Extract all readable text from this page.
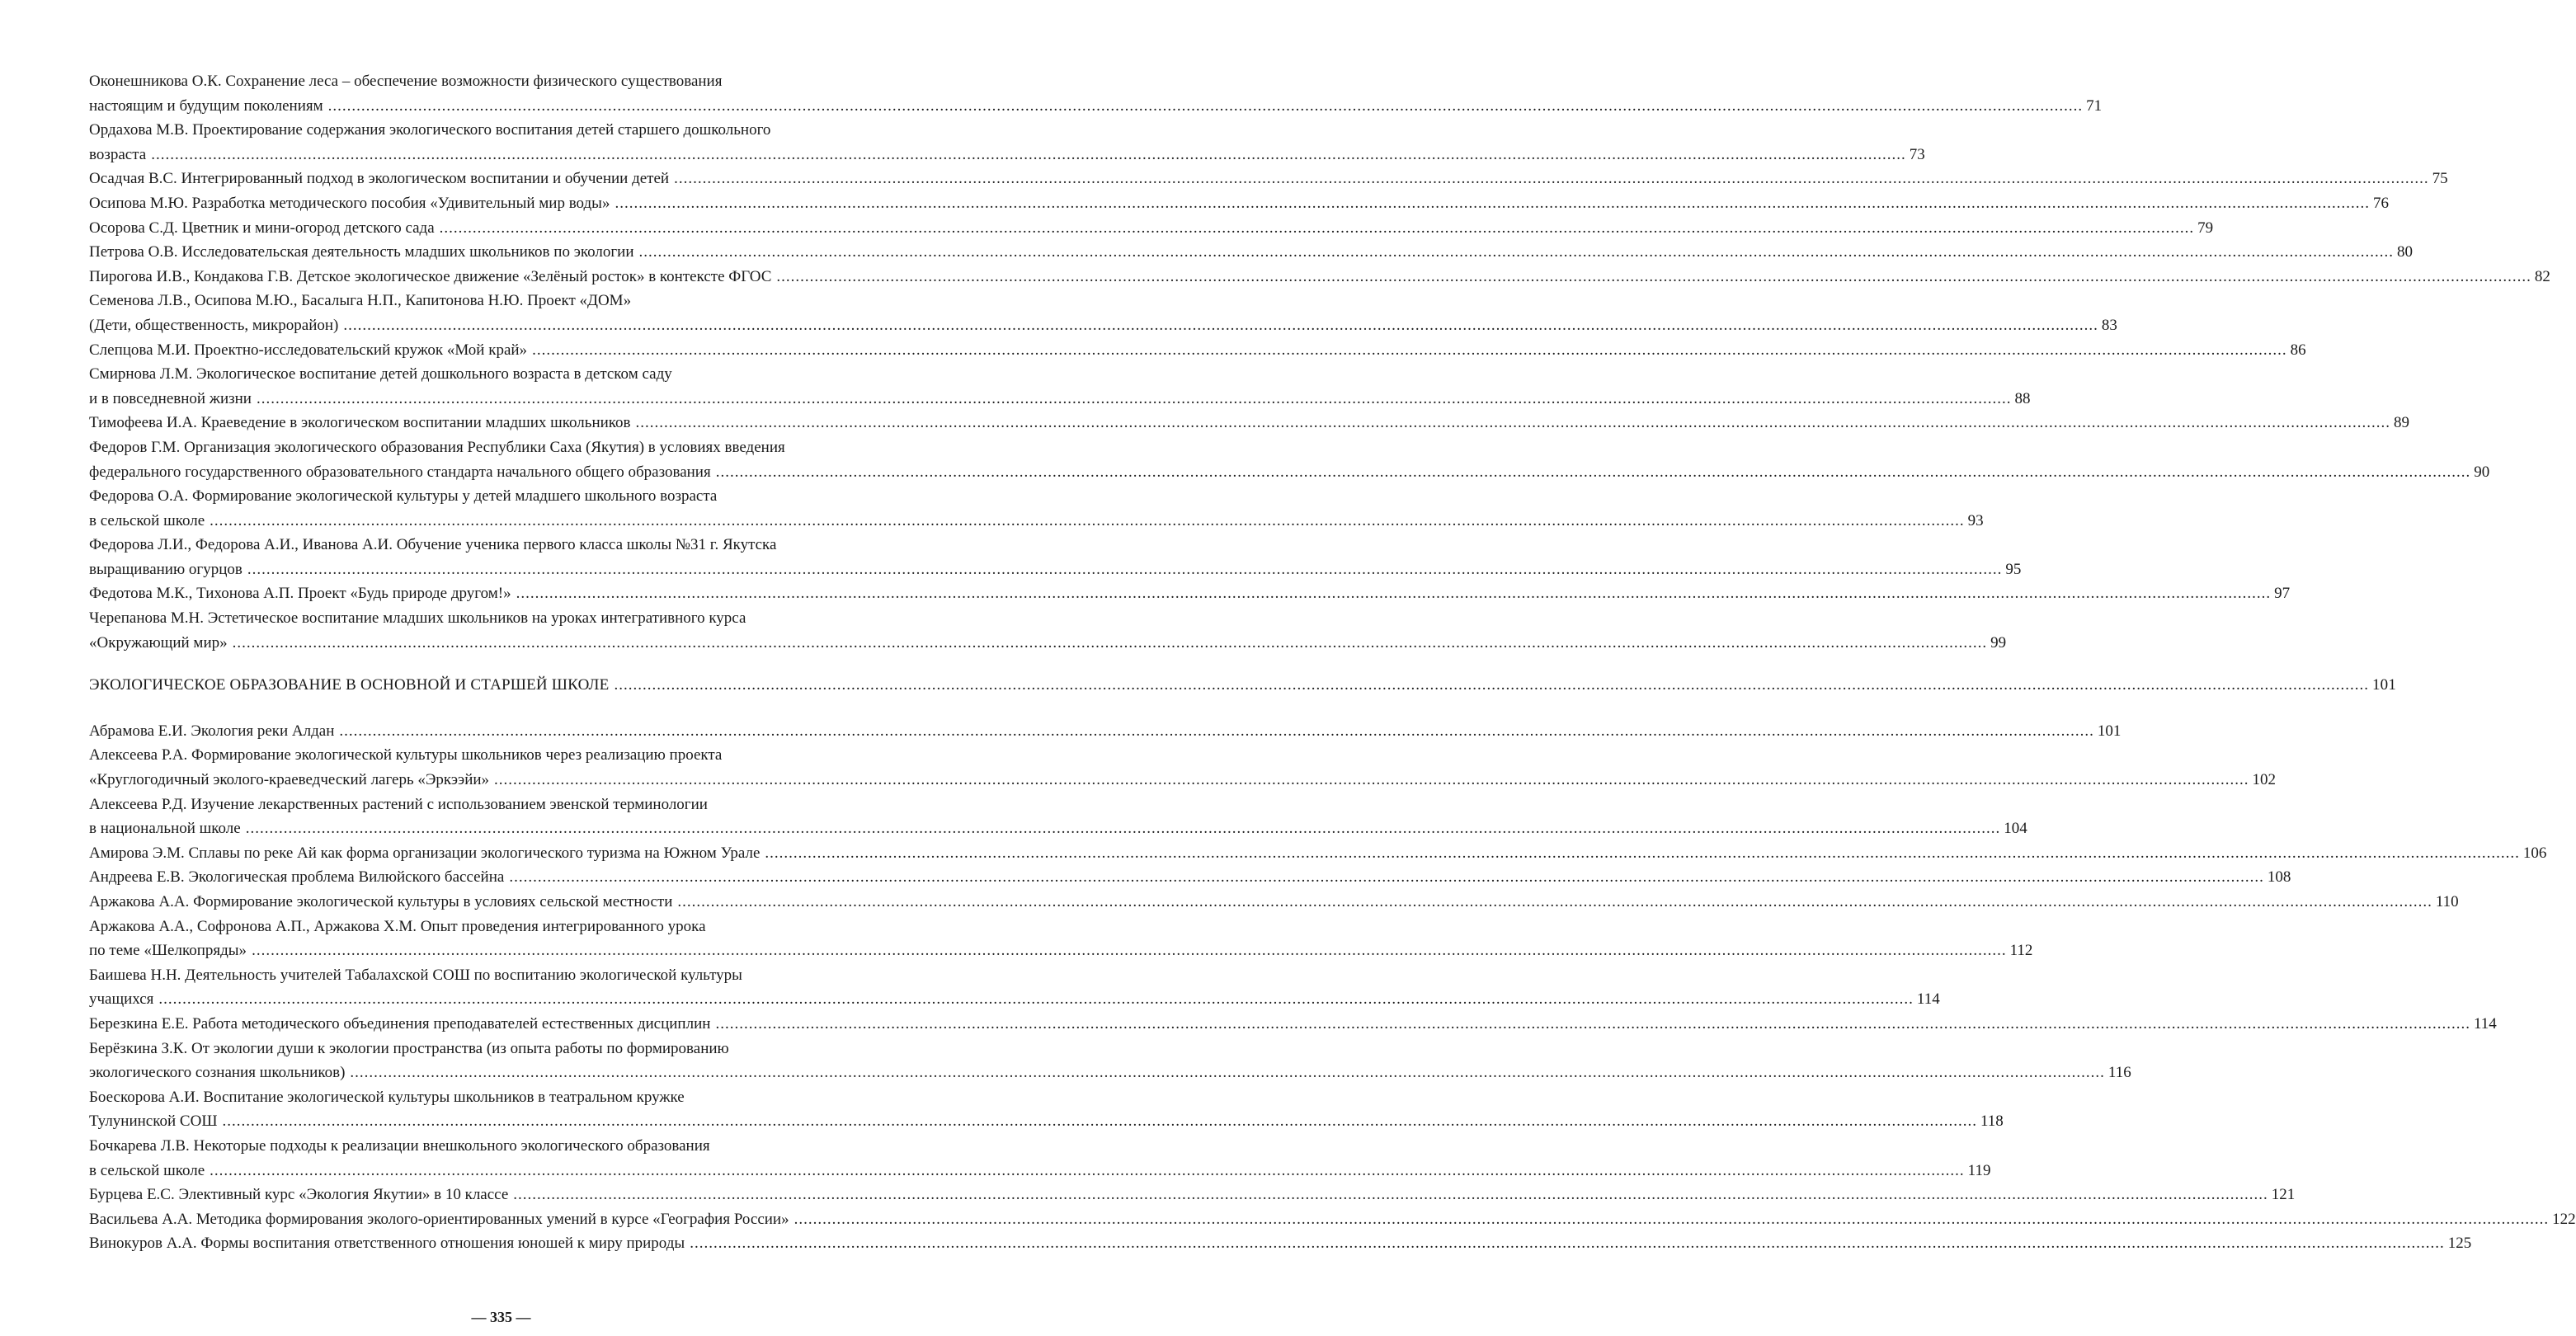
Оконешникова О.К. Сохранение леса – обеспечение возможности физического существования
настоящим и будущим поколениям .....	71
Ордахова М.В. Проектирование содержания экологического воспитания детей старшего дошкольного
возраста .....	73
Осадчая В.С. Интегрированный подход в экологическом воспитании и обучении детей .....	75
Осипова М.Ю. Разработка методического пособия «Удивительный мир воды» .....	76
Осорова С.Д. Цветник и мини-огород детского сада .....	79
Петрова О.В. Исследовательская деятельность младших школьников по экологии .....	80
Пирогова И.В., Кондакова Г.В. Детское экологическое движение «Зелёный росток» в контексте ФГОС .....	82
Семенова Л.В., Осипова М.Ю., Басалыга Н.П., Капитонова Н.Ю. Проект «ДОМ»
(Дети, общественность, микрорайон) .....	83
Слепцова М.И. Проектно-исследовательский кружок «Мой край» .....	86
Смирнова Л.М. Экологическое воспитание детей дошкольного возраста в детском саду
и в повседневной жизни .....	88
Тимофеева И.А. Краеведение в экологическом воспитании младших школьников .....	89
Федоров Г.М. Организация экологического образования Республики Саха (Якутия) в условиях введения
федерального государственного образовательного стандарта начального общего образования .....	90
Федорова О.А. Формирование экологической культуры у детей младшего школьного возраста
в сельской школе .....	93
Федорова Л.И., Федорова А.И., Иванова А.И. Обучение ученика первого класса школы №31 г. Якутска
выращиванию огурцов .....	95
Федотова М.К., Тихонова А.П. Проект «Будь природе другом!» .....	97
Черепанова М.Н. Эстетическое воспитание младших школьников на уроках интегративного курса
«Окружающий мир» .....	99
ЭКОЛОГИЧЕСКОЕ ОБРАЗОВАНИЕ В ОСНОВНОЙ И СТАРШЕЙ ШКОЛЕ .....	101
Абрамова Е.И. Экология реки Алдан .....	101
Алексеева Р.А. Формирование экологической культуры школьников через реализацию проекта
«Круглогодичный эколого-краеведческий лагерь «Эркээйи» .....	102
Алексеева Р.Д. Изучение лекарственных растений с использованием эвенской терминологии
в национальной школе .....	104
Амирова Э.М. Сплавы по реке Ай как форма организации экологического туризма на Южном Урале .....	106
Андреева Е.В. Экологическая проблема Вилюйского бассейна .....	108
Аржакова А.А. Формирование экологической культуры в условиях сельской местности .....	110
Аржакова А.А., Софронова А.П., Аржакова Х.М. Опыт проведения интегрированного урока
по теме «Шелкопряды» .....	112
Баишева Н.Н. Деятельность учителей Табалахской СОШ по воспитанию экологической культуры
учащихся .....	114
Березкина Е.Е. Работа методического объединения преподавателей естественных дисциплин .....	114
Берёзкина З.К. От экологии души к экологии пространства (из опыта работы по формированию
экологического сознания школьников) .....	116
Боескорова А.И. Воспитание экологической культуры школьников в театральном кружке
Тулунинской СОШ .....	118
Бочкарева Л.В. Некоторые подходы к реализации внешкольного экологического образования
в сельской школе .....	119
Бурцева Е.С. Элективный курс «Экология Якутии» в 10 классе .....	121
Васильева А.А. Методика формирования эколого-ориентированных умений в курсе «География России» .....	122
Винокуров А.А. Формы воспитания ответственного отношения юношей к миру природы .....	125
— 335 —
